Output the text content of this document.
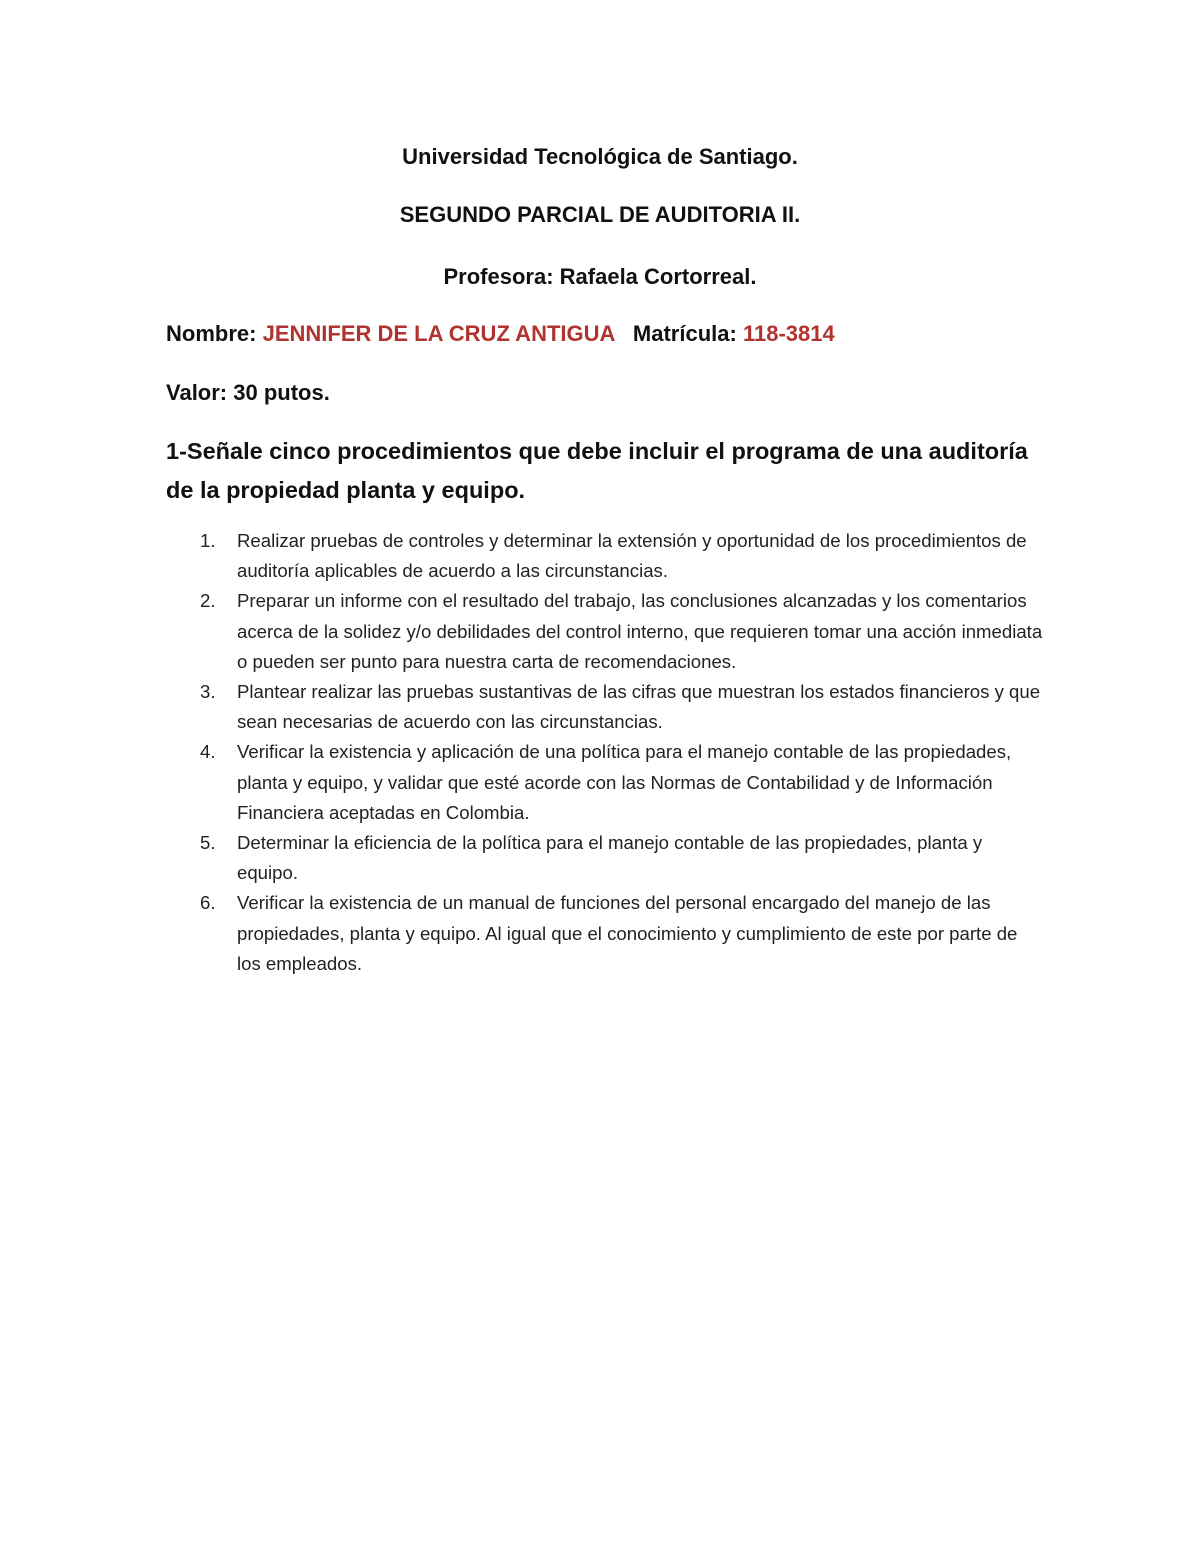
Universidad Tecnológica de Santiago.
SEGUNDO PARCIAL DE AUDITORIA II.
Profesora: Rafaela Cortorreal.
Nombre: JENNIFER DE LA CRUZ ANTIGUA Matrícula: 118-3814
Valor: 30 putos.
1-Señale cinco procedimientos que debe incluir el programa de una auditoría de la propiedad planta y equipo.
1.	Realizar pruebas de controles y determinar la extensión y oportunidad de los procedimientos de auditoría aplicables de acuerdo a las circunstancias.
2.	Preparar un informe con el resultado del trabajo, las conclusiones alcanzadas y los comentarios acerca de la solidez y/o debilidades del control interno, que requieren tomar una acción inmediata o pueden ser punto para nuestra carta de recomendaciones.
3.	Plantear realizar las pruebas sustantivas de las cifras que muestran los estados financieros y que sean necesarias de acuerdo con las circunstancias.
4.	Verificar la existencia y aplicación de una política para el manejo contable de las propiedades, planta y equipo, y validar que esté acorde con las Normas de Contabilidad y de Información Financiera aceptadas en Colombia.
5.	Determinar la eficiencia de la política para el manejo contable de las propiedades, planta y equipo.
6.	Verificar la existencia de un manual de funciones del personal encargado del manejo de las propiedades, planta y equipo. Al igual que el conocimiento y cumplimiento de este por parte de los empleados.
